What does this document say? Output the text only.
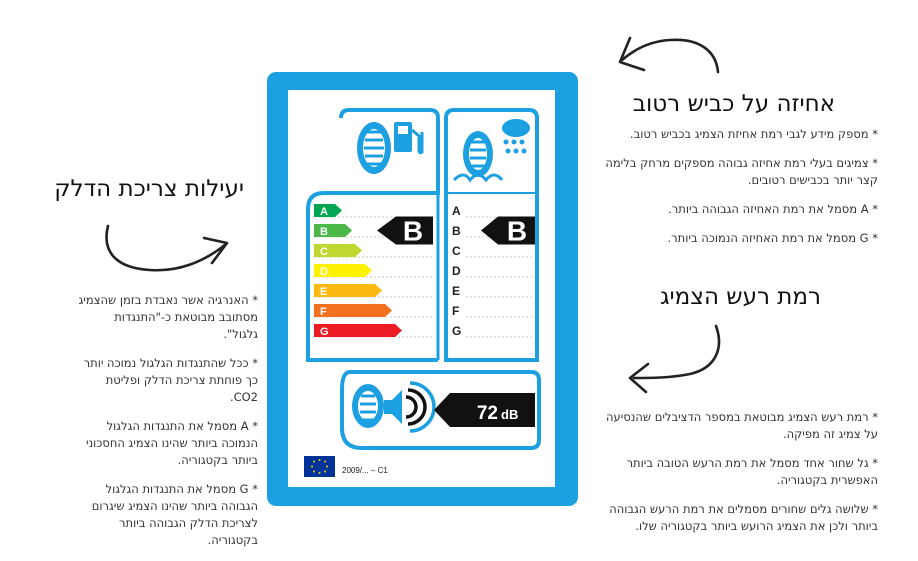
יעילות צריכת הדלק
אחיזה על כביש רטוב
רמת רעש הצמיג

* האנרגיה אשר נאבדת בזמן שהצמיג מסתובב מבוטאת כ-"התנגדות גלגול".

* ככל שהתנגדות הגלגול נמוכה יותר כך פוחתת צריכת הדלק ופליטת CO2.

* A מסמל את התנגדות הגלגול הנמוכה ביותר שהינו הצמיג החסכוני ביותר בקטגוריה.

* G מסמל את התנגדות הגלגול הגבוהה ביותר שהינו הצמיג שיגרום לצריכת הדלק הגבוהה ביותר בקטגוריה.

* מספק מידע לגבי רמת אחיזת הצמיג בכביש רטוב.

* צמיגים בעלי רמת אחיזה גבוהה מספקים מרחק בלימה קצר יותר בכבישים רטובים.

* A מסמל את רמת האחיזה הגבוהה ביותר.

* G מסמל את רמת האחיזה הנמוכה ביותר.

* רמת רעש הצמיג מבוטאת במספר הדציבלים שהנסיעה על צמיג זה מפיקה.

* גל שחור אחד מסמל את רמת הרעש הטובה ביותר האפשרית בקטגוריה.

* שלושה גלים שחורים מסמלים את רמת הרעש הגבוהה ביותר ולכן את הצמיג הרועש ביותר בקטגוריה שלו.

A
B
C
D
E
F
G
B
A
B
C
D
E
F
G
B
72 dB
2009/... – C1
